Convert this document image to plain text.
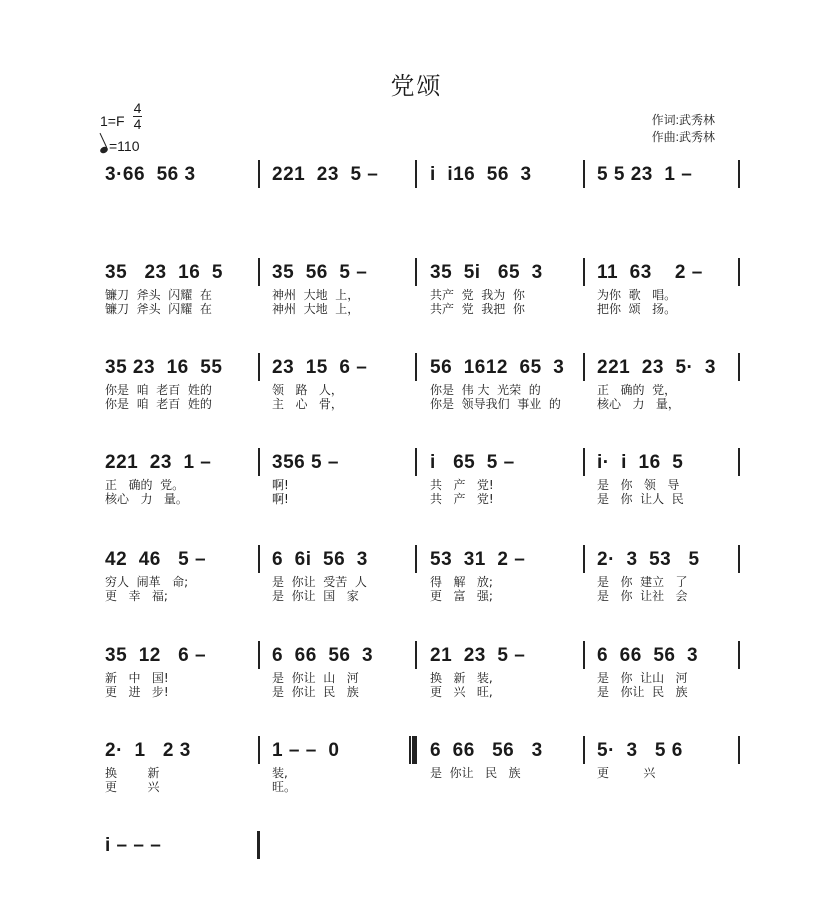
党颂
1=F
4
4
=110
作词:武秀林
作曲:武秀林
3·66  56 3	221  23  5 –	i  i16  56  3	5 5 23  1 –
35   23  16  5
镰刀  斧头  闪耀  在
镰刀  斧头  闪耀  在
35  56  5 –
神州  大地  上，
神州  大地  上，
35  5i   65  3
共产  党  我为  你
共产  党  我把  你
11  63    2 –
为你  歌   唱。
把你  颂   扬。
35 23  16  55
你是  咱  老百  姓的
你是  咱  老百  姓的
23  15  6 –
领   路   人，
主   心   骨，
56  1612  65  3
你是  伟 大  光荣  的
你是  领导我们  事业  的
221  23  5·  3
正   确的  党，
核心   力   量，
221  23  1 –
正   确的  党。
核心   力   量。
356 5 –
啊!
啊!
i   65  5 –
共   产   党!
共   产   党!
i·  i  16  5
是   你   领   导
是   你  让人  民
42  46   5 –
穷人  闹革   命;
更   幸   福;
6  6i  56  3
是  你让  受苦  人
是  你让  国   家
53  31  2 –
得   解   放;
更   富   强;
2·  3  53   5
是   你  建立   了
是   你  让社   会
35  12   6 –
新   中   国!
更   进   步!
6  66  56  3
是  你让  山   河
是  你让  民   族
21  23  5 –
换   新   装,
更   兴   旺,
6  66  56  3
是   你  让山   河
是   你让  民   族
2·  1   2 3
换        新
更        兴
1 – –  0
装,
旺。
6  66   56   3
是  你让   民   族
5·  3   5 6
更         兴
i – – –
